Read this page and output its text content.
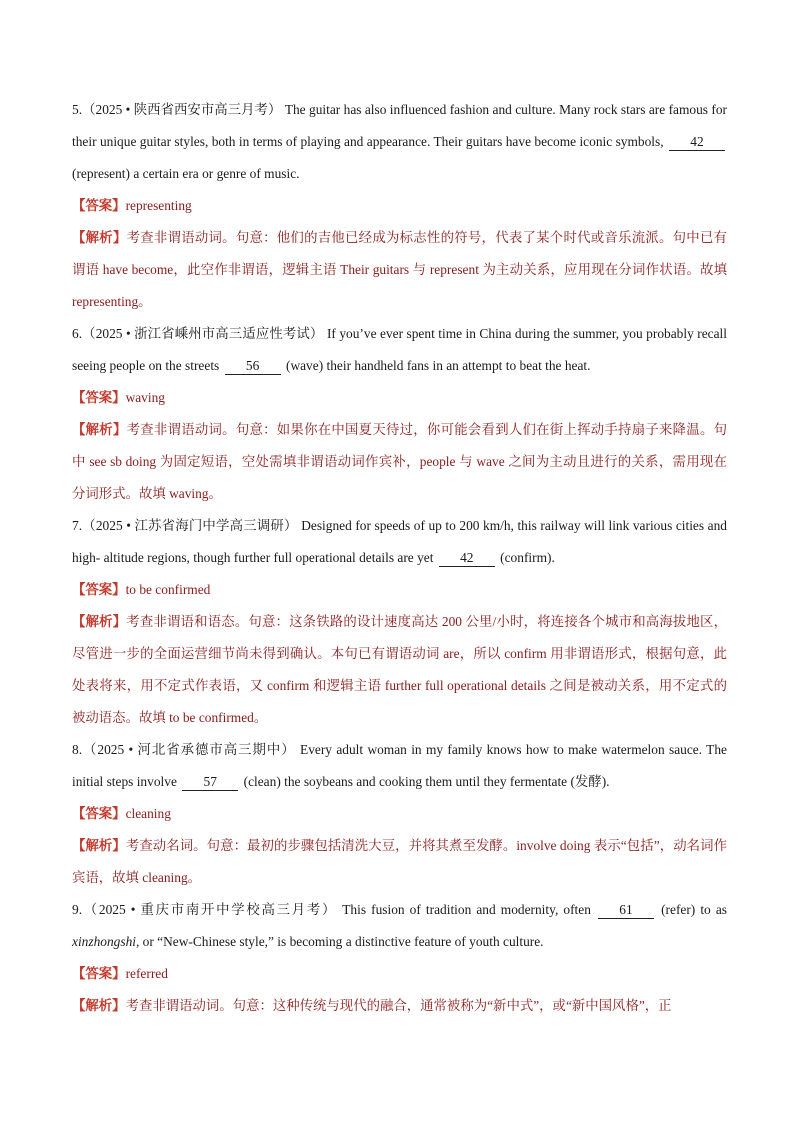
5.（2025 • 陕西省西安市高三月考） The guitar has also influenced fashion and culture. Many rock stars are famous for their unique guitar styles, both in terms of playing and appearance. Their guitars have become iconic symbols, 42 (represent) a certain era or genre of music.

【答案】representing

【解析】考查非谓语动词。句意：他们的吉他已经成为标志性的符号，代表了某个时代或音乐流派。句中已有谓语 have become，此空作非谓语，逻辑主语 Their guitars 与 represent 为主动关系，应用现在分词作状语。故填 representing。

6.（2025 • 浙江省嵊州市高三适应性考试） If you’ve ever spent time in China during the summer, you probably recall seeing people on the streets 56 (wave) their handheld fans in an attempt to beat the heat.

【答案】waving

【解析】考查非谓语动词。句意：如果你在中国夏天待过，你可能会看到人们在街上挥动手持扇子来降温。句中 see sb doing 为固定短语，空处需填非谓语动词作宾补，people 与 wave 之间为主动且进行的关系，需用现在分词形式。故填 waving。

7.（2025 • 江苏省海门中学高三调研） Designed for speeds of up to 200 km/h, this railway will link various cities and high- altitude regions, though further full operational details are yet 42 (confirm).

【答案】to be confirmed

【解析】考查非谓语和语态。句意：这条铁路的设计速度高达 200 公里/小时，将连接各个城市和高海拔地区，尽管进一步的全面运营细节尚未得到确认。本句已有谓语动词 are，所以 confirm 用非谓语形式，根据句意，此处表将来，用不定式作表语，又 confirm 和逻辑主语 further full operational details 之间是被动关系，用不定式的被动语态。故填 to be confirmed。

8.（2025 • 河北省承德市高三期中） Every adult woman in my family knows how to make watermelon sauce. The initial steps involve 57 (clean) the soybeans and cooking them until they fermentate (发酵).

【答案】cleaning

【解析】考查动名词。句意：最初的步骤包括清洗大豆，并将其煮至发酵。involve doing 表示“包括”，动名词作宾语，故填 cleaning。

9.（2025 • 重庆市南开中学校高三月考） This fusion of tradition and modernity, often 61 (refer) to as xinzhongshi, or “New-Chinese style,” is becoming a distinctive feature of youth culture.

【答案】referred

【解析】考查非谓语动词。句意：这种传统与现代的融合，通常被称为“新中式”，或“新中国风格”，正
